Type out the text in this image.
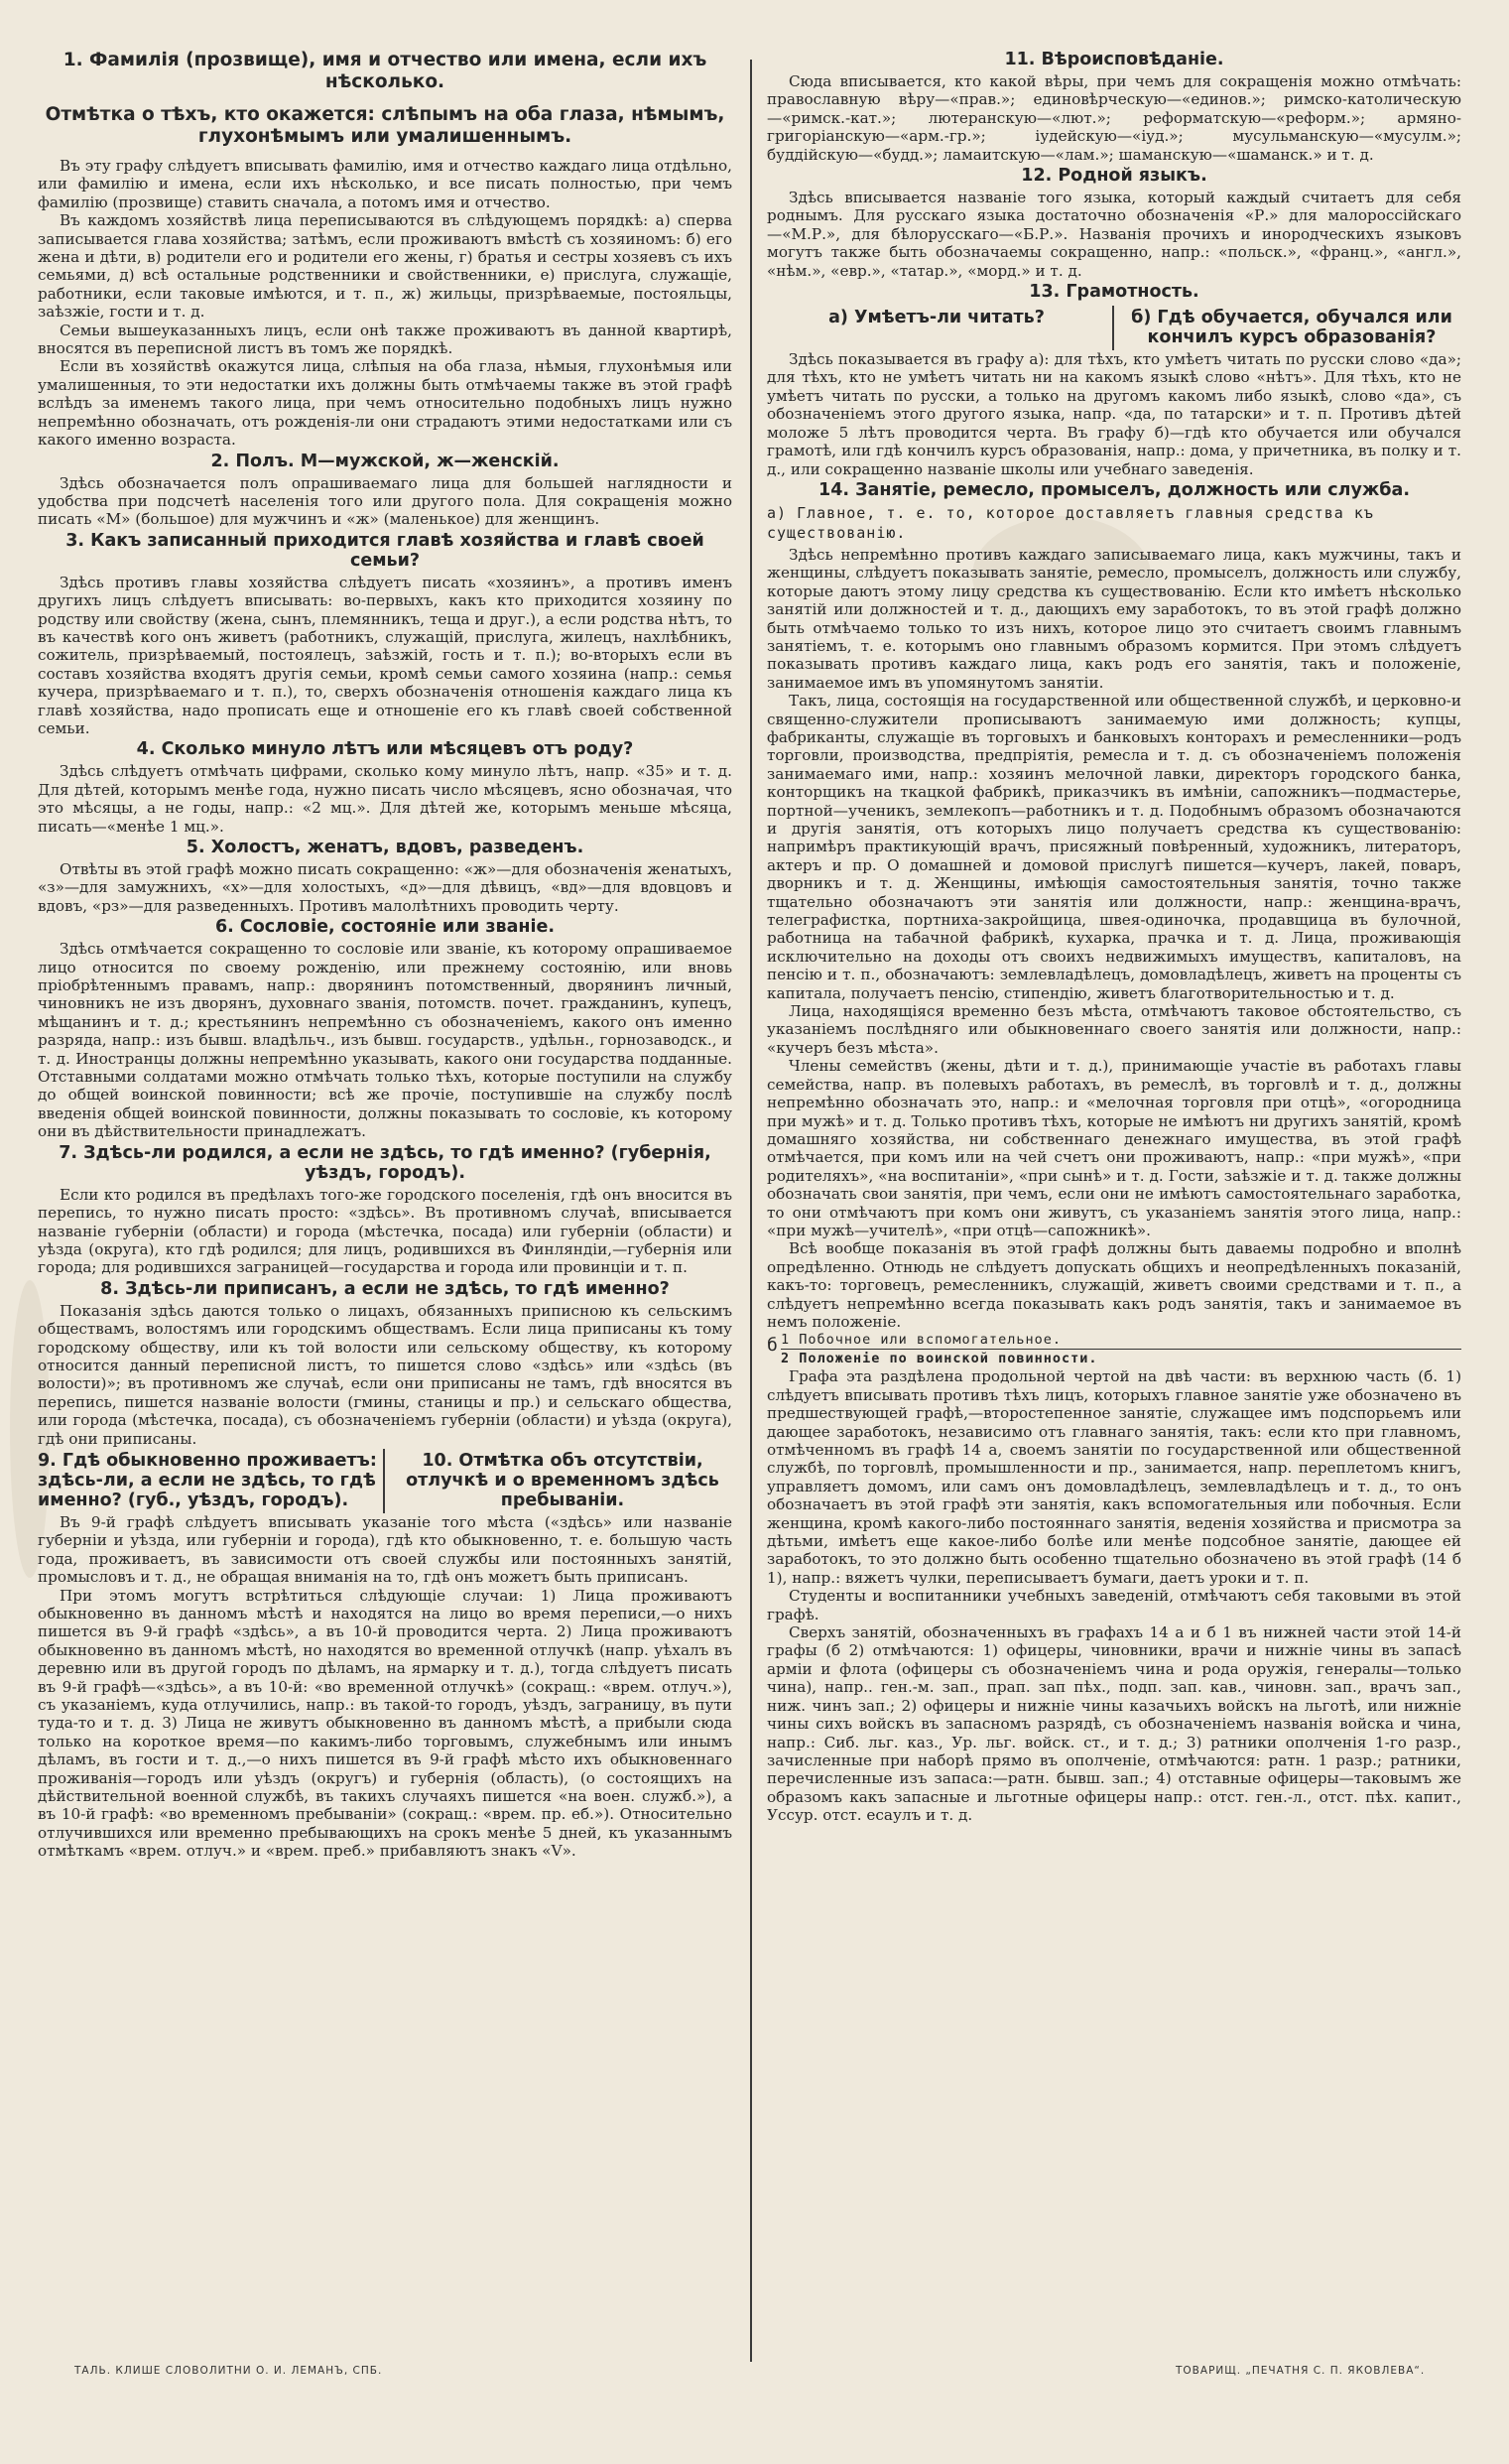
1. Фамилія (прозвище), имя и отчество или имена, если ихъ нѣсколько.
Отмѣтка о тѣхъ, кто окажется: слѣпымъ на оба глаза, нѣмымъ, глухонѣмымъ или умалишеннымъ.

Въ эту графу слѣдуетъ вписывать фамилію, имя и отчество каждаго лица отдѣльно, или фамилію и имена, если ихъ нѣсколько, и все писать полностью, при чемъ фамилію (прозвище) ставить сначала, а потомъ имя и отчество.

Въ каждомъ хозяйствѣ лица переписываются въ слѣдующемъ порядкѣ: а) сперва записывается глава хозяйства; затѣмъ, если проживаютъ вмѣстѣ съ хозяиномъ: б) его жена и дѣти, в) родители его и родители его жены, г) братья и сестры хозяевъ съ ихъ семьями, д) всѣ остальные родственники и свойственники, е) прислуга, служащіе, работники, если таковые имѣются, и т. п., ж) жильцы, призрѣваемые, постояльцы, заѣзжіе, гости и т. д.

Семьи вышеуказанныхъ лицъ, если онѣ также проживаютъ въ данной квартирѣ, вносятся въ переписной листъ въ томъ же порядкѣ.

Если въ хозяйствѣ окажутся лица, слѣпыя на оба глаза, нѣмыя, глухонѣмыя или умалишенныя, то эти недостатки ихъ должны быть отмѣчаемы также въ этой графѣ вслѣдъ за именемъ такого лица, при чемъ относительно подобныхъ лицъ нужно непремѣнно обозначать, отъ рожденія-ли они страдаютъ этими недостатками или съ какого именно возраста.

2. Полъ. М—мужской, ж—женскій.

Здѣсь обозначается полъ опрашиваемаго лица для большей наглядности и удобства при подсчетѣ населенія того или другого пола. Для сокращенія можно писать «М» (большое) для мужчинъ и «ж» (маленькое) для женщинъ.

3. Какъ записанный приходится главѣ хозяйства и главѣ своей семьи?

Здѣсь противъ главы хозяйства слѣдуетъ писать «хозяинъ», а противъ именъ другихъ лицъ слѣдуетъ вписывать: во-первыхъ, какъ кто приходится хозяину по родству или свойству (жена, сынъ, племянникъ, теща и друг.), а если родства нѣтъ, то въ качествѣ кого онъ живетъ (работникъ, служащій, прислуга, жилецъ, нахлѣбникъ, сожитель, призрѣваемый, постоялецъ, заѣзжій, гость и т. п.); во-вторыхъ если въ составъ хозяйства входятъ другія семьи, кромѣ семьи самого хозяина (напр.: семья кучера, призрѣваемаго и т. п.), то, сверхъ обозначенія отношенія каждаго лица къ главѣ хозяйства, надо прописать еще и отношеніе его къ главѣ своей собственной семьи.

4. Сколько минуло лѣтъ или мѣсяцевъ отъ роду?

Здѣсь слѣдуетъ отмѣчать цифрами, сколько кому минуло лѣтъ, напр. «35» и т. д. Для дѣтей, которымъ менѣе года, нужно писать число мѣсяцевъ, ясно обозначая, что это мѣсяцы, а не годы, напр.: «2 мц.». Для дѣтей же, которымъ меньше мѣсяца, писать—«менѣе 1 мц.».

5. Холостъ, женатъ, вдовъ, разведенъ.

Отвѣты въ этой графѣ можно писать сокращенно: «ж»—для обозначенія женатыхъ, «з»—для замужнихъ, «х»—для холостыхъ, «д»—для дѣвицъ, «вд»—для вдовцовъ и вдовъ, «рз»—для разведенныхъ. Противъ малолѣтнихъ проводить черту.

6. Сословіе, состояніе или званіе.

Здѣсь отмѣчается сокращенно то сословіе или званіе, къ которому опрашиваемое лицо относится по своему рожденію, или прежнему состоянію, или вновь пріобрѣтеннымъ правамъ, напр.: дворянинъ потомственный, дворянинъ личный, чиновникъ не изъ дворянъ, духовнаго званія, потомств. почет. гражданинъ, купецъ, мѣщанинъ и т. д.; крестьянинъ непремѣнно съ обозначеніемъ, какого онъ именно разряда, напр.: изъ бывш. владѣльч., изъ бывш. государств., удѣльн., горнозаводск., и т. д. Иностранцы должны непремѣнно указывать, какого они государства подданные. Отставными солдатами можно отмѣчать только тѣхъ, которые поступили на службу до общей воинской повинности; всѣ же прочіе, поступившіе на службу послѣ введенія общей воинской повинности, должны показывать то сословіе, къ которому они въ дѣйствительности принадлежатъ.

7. Здѣсь-ли родился, а если не здѣсь, то гдѣ именно? (губернія, уѣздъ, городъ).

Если кто родился въ предѣлахъ того-же городского поселенія, гдѣ онъ вносится въ перепись, то нужно писать просто: «здѣсь». Въ противномъ случаѣ, вписывается названіе губерніи (области) и города (мѣстечка, посада) или губерніи (области) и уѣзда (округа), кто гдѣ родился; для лицъ, родившихся въ Финляндіи,—губернія или города; для родившихся заграницей—государства и города или провинціи и т. п.

8. Здѣсь-ли приписанъ, а если не здѣсь, то гдѣ именно?

Показанія здѣсь даются только о лицахъ, обязанныхъ приписною къ сельскимъ обществамъ, волостямъ или городскимъ обществамъ. Если лица приписаны къ тому городскому обществу, или къ той волости или сельскому обществу, къ которому относится данный переписной листъ, то пишется слово «здѣсь» или «здѣсь (въ волости)»; въ противномъ же случаѣ, если они приписаны не тамъ, гдѣ вносятся въ перепись, пишется названіе волости (гмины, станицы и пр.) и сельскаго общества, или города (мѣстечка, посада), съ обозначеніемъ губерніи (области) и уѣзда (округа), гдѣ они приписаны.

9. Гдѣ обыкновенно проживаетъ: здѣсь-ли, а если не здѣсь, то гдѣ именно? (губ., уѣздъ, городъ).
10. Отмѣтка объ отсутствіи, отлучкѣ и о временномъ здѣсь пребываніи.

Въ 9-й графѣ слѣдуетъ вписывать указаніе того мѣста («здѣсь» или названіе губерніи и уѣзда, или губерніи и города), гдѣ кто обыкновенно, т. е. большую часть года, проживаетъ, въ зависимости отъ своей службы или постоянныхъ занятій, промысловъ и т. д., не обращая вниманія на то, гдѣ онъ можетъ быть приписанъ.

При этомъ могутъ встрѣтиться слѣдующіе случаи: 1) Лица проживаютъ обыкновенно въ данномъ мѣстѣ и находятся на лицо во время переписи,—о нихъ пишется въ 9-й графѣ «здѣсь», а въ 10-й проводится черта. 2) Лица проживаютъ обыкновенно въ данномъ мѣстѣ, но находятся во временной отлучкѣ (напр. уѣхалъ въ деревню или въ другой городъ по дѣламъ, на ярмарку и т. д.), тогда слѣдуетъ писать въ 9-й графѣ—«здѣсь», а въ 10-й: «во временной отлучкѣ» (сокращ.: «врем. отлуч.»), съ указаніемъ, куда отлучились, напр.: въ такой-то городъ, уѣздъ, заграницу, въ пути туда-то и т. д. 3) Лица не живутъ обыкновенно въ данномъ мѣстѣ, а прибыли сюда только на короткое время—по какимъ-либо торговымъ, служебнымъ или инымъ дѣламъ, въ гости и т. д.,—о нихъ пишется въ 9-й графѣ мѣсто ихъ обыкновеннаго проживанія—городъ или уѣздъ (округъ) и губернія (область), (о состоящихъ на дѣйствительной военной службѣ, въ такихъ случаяхъ пишется «на воен. служб.»), а въ 10-й графѣ: «во временномъ пребываніи» (сокращ.: «врем. пр. еб.»). Относительно отлучившихся или временно пребывающихъ на срокъ менѣе 5 дней, къ указаннымъ отмѣткамъ «врем. отлуч.» и «врем. преб.» прибавляютъ знакъ «V».

11. Вѣроисповѣданіе.

Сюда вписывается, кто какой вѣры, при чемъ для сокращенія можно отмѣчать: православную вѣру—«прав.»; единовѣрческую—«единов.»; римско-католическую—«римск.-кат.»; лютеранскую—«лют.»; реформатскую—«реформ.»; армяно-григоріанскую—«арм.-гр.»; іудейскую—«іуд.»; мусульманскую—«мусулм.»; буддійскую—«будд.»; ламаитскую—«лам.»; шаманскую—«шаманск.» и т. д.

12. Родной языкъ.

Здѣсь вписывается названіе того языка, который каждый считаетъ для себя роднымъ. Для русскаго языка достаточно обозначенія «Р.» для малороссійскаго—«М.Р.», для бѣлорусскаго—«Б.Р.». Названія прочихъ и инородческихъ языковъ могутъ также быть обозначаемы сокращенно, напр.: «польск.», «франц.», «англ.», «нѣм.», «евр.», «татар.», «морд.» и т. д.

13. Грамотность.
а) Умѣетъ-ли читать?	б) Гдѣ обучается, обучался или кончилъ курсъ образованія?

Здѣсь показывается въ графу а): для тѣхъ, кто умѣетъ читать по русски слово «да»; для тѣхъ, кто не умѣетъ читать ни на какомъ языкѣ слово «нѣтъ». Для тѣхъ, кто не умѣетъ читать по русски, а только на другомъ какомъ либо языкѣ, слово «да», съ обозначеніемъ этого другого языка, напр. «да, по татарски» и т. п. Противъ дѣтей моложе 5 лѣтъ проводится черта. Въ графу б)—гдѣ кто обучается или обучался грамотѣ, или гдѣ кончилъ курсъ образованія, напр.: дома, у причетника, въ полку и т. д., или сокращенно названіе школы или учебнаго заведенія.

14. Занятіе, ремесло, промыселъ, должность или служба.
а) Главное, т. е. то, которое доставляетъ главныя средства къ существованію.

Здѣсь непремѣнно противъ каждаго записываемаго лица, какъ мужчины, такъ и женщины, слѣдуетъ показывать занятіе, ремесло, промыселъ, должность или службу, которые даютъ этому лицу средства къ существованію. Если кто имѣетъ нѣсколько занятій или должностей и т. д., дающихъ ему заработокъ, то въ этой графѣ должно быть отмѣчаемо только то изъ нихъ, которое лицо это считаетъ своимъ главнымъ занятіемъ, т. е. которымъ оно главнымъ образомъ кормится. При этомъ слѣдуетъ показывать противъ каждаго лица, какъ родъ его занятія, такъ и положеніе, занимаемое имъ въ упомянутомъ занятіи.

Такъ, лица, состоящія на государственной или общественной службѣ, и церковно-и священно-служители прописываютъ занимаемую ими должность; купцы, фабриканты, служащіе въ торговыхъ и банковыхъ конторахъ и ремесленники—родъ торговли, производства, предпріятія, ремесла и т. д. съ обозначеніемъ положенія занимаемаго ими, напр.: хозяинъ мелочной лавки, директоръ городского банка, конторщикъ на ткацкой фабрикѣ, приказчикъ въ имѣніи, сапожникъ—подмастерье, портной—ученикъ, землекопъ—работникъ и т. д. Подобнымъ образомъ обозначаются и другія занятія, отъ которыхъ лицо получаетъ средства къ существованію: напримѣръ практикующій врачъ, присяжный повѣренный, художникъ, литераторъ, актеръ и пр. О домашней и домовой прислугѣ пишется—кучеръ, лакей, поваръ, дворникъ и т. д. Женщины, имѣющія самостоятельныя занятія, точно также тщательно обозначаютъ эти занятія или должности, напр.: женщина-врачъ, телеграфистка, портниха-закройщица, швея-одиночка, продавщица въ булочной, работница на табачной фабрикѣ, кухарка, прачка и т. д. Лица, проживающія исключительно на доходы отъ своихъ недвижимыхъ имуществъ, капиталовъ, на пенсію и т. п., обозначаютъ: землевладѣлецъ, домовладѣлецъ, живетъ на проценты съ капитала, получаетъ пенсію, стипендію, живетъ благотворительностью и т. д.

Лица, находящіяся временно безъ мѣста, отмѣчаютъ таковое обстоятельство, съ указаніемъ послѣдняго или обыкновеннаго своего занятія или должности, напр.: «кучеръ безъ мѣста».

Члены семействъ (жены, дѣти и т. д.), принимающіе участіе въ работахъ главы семейства, напр. въ полевыхъ работахъ, въ ремеслѣ, въ торговлѣ и т. д., должны непремѣнно обозначать это, напр.: и «мелочная торговля при отцѣ», «огородница при мужѣ» и т. д. Только противъ тѣхъ, которые не имѣютъ ни другихъ занятій, кромѣ домашняго хозяйства, ни собственнаго денежнаго имущества, въ этой графѣ отмѣчается, при комъ или на чей счетъ они проживаютъ, напр.: «при мужѣ», «при родителяхъ», «на воспитаніи», «при сынѣ» и т. д. Гости, заѣзжіе и т. д. также должны обозначать свои занятія, при чемъ, если они не имѣютъ самостоятельнаго заработка, то они отмѣчаютъ при комъ они живутъ, съ указаніемъ занятія этого лица, напр.: «при мужѣ—учителѣ», «при отцѣ—сапожникѣ».

Всѣ вообще показанія въ этой графѣ должны быть даваемы подробно и вполнѣ опредѣленно. Отнюдь не слѣдуетъ допускать общихъ и неопредѣленныхъ показаній, какъ-то: торговецъ, ремесленникъ, служащій, живетъ своими средствами и т. п., а слѣдуетъ непремѣнно всегда показывать какъ родъ занятія, такъ и занимаемое въ немъ положеніе.

б 1 Побочное или вспомогательное.
2 Положеніе по воинской повинности.

Графа эта раздѣлена продольной чертой на двѣ части: въ верхнюю часть (б. 1) слѣдуетъ вписывать противъ тѣхъ лицъ, которыхъ главное занятіе уже обозначено въ предшествующей графѣ,—второстепенное занятіе, служащее имъ подспорьемъ или дающее заработокъ, независимо отъ главнаго занятія, такъ: если кто при главномъ, отмѣченномъ въ графѣ 14 а, своемъ занятіи по государственной или общественной службѣ, по торговлѣ, промышленности и пр., занимается, напр. переплетомъ книгъ, управляетъ домомъ, или самъ онъ домовладѣлецъ, землевладѣлецъ и т. д., то онъ обозначаетъ въ этой графѣ эти занятія, какъ вспомогательныя или побочныя. Если женщина, кромѣ какого-либо постояннаго занятія, веденія хозяйства и присмотра за дѣтьми, имѣетъ еще какое-либо болѣе или менѣе подсобное занятіе, дающее ей заработокъ, то это должно быть особенно тщательно обозначено въ этой графѣ (14 б 1), напр.: вяжетъ чулки, переписываетъ бумаги, даетъ уроки и т. п.

Студенты и воспитанники учебныхъ заведеній, отмѣчаютъ себя таковыми въ этой графѣ.

Сверхъ занятій, обозначенныхъ въ графахъ 14 а и б 1 въ нижней части этой 14-й графы (б 2) отмѣчаются: 1) офицеры, чиновники, врачи и нижніе чины въ запасѣ арміи и флота (офицеры съ обозначеніемъ чина и рода оружія, генералы—только чина), напр.. ген.-м. зап., прап. зап пѣх., подп. зап. кав., чиновн. зап., врачъ зап., ниж. чинъ зап.; 2) офицеры и нижніе чины казачьихъ войскъ на льготѣ, или нижніе чины сихъ войскъ въ запасномъ разрядѣ, съ обозначеніемъ названія войска и чина, напр.: Сиб. льг. каз., Ур. льг. войск. ст., и т. д.; 3) ратники ополченія 1-го разр., зачисленные при наборѣ прямо въ ополченіе, отмѣчаются: ратн. 1 разр.; ратники, перечисленные изъ запаса:—ратн. бывш. зап.; 4) отставные офицеры—таковымъ же образомъ какъ запасные и льготные офицеры напр.: отст. ген.-л., отст. пѣх. капит., Уссур. отст. есаулъ и т. д.

ТАЛЬ. КЛИШЕ СЛОВОЛИТНИ О. И. ЛЕМАНЪ, СПБ.	ТОВАРИЩ. „ПЕЧАТНЯ С. П. ЯКОВЛЕВА“.
